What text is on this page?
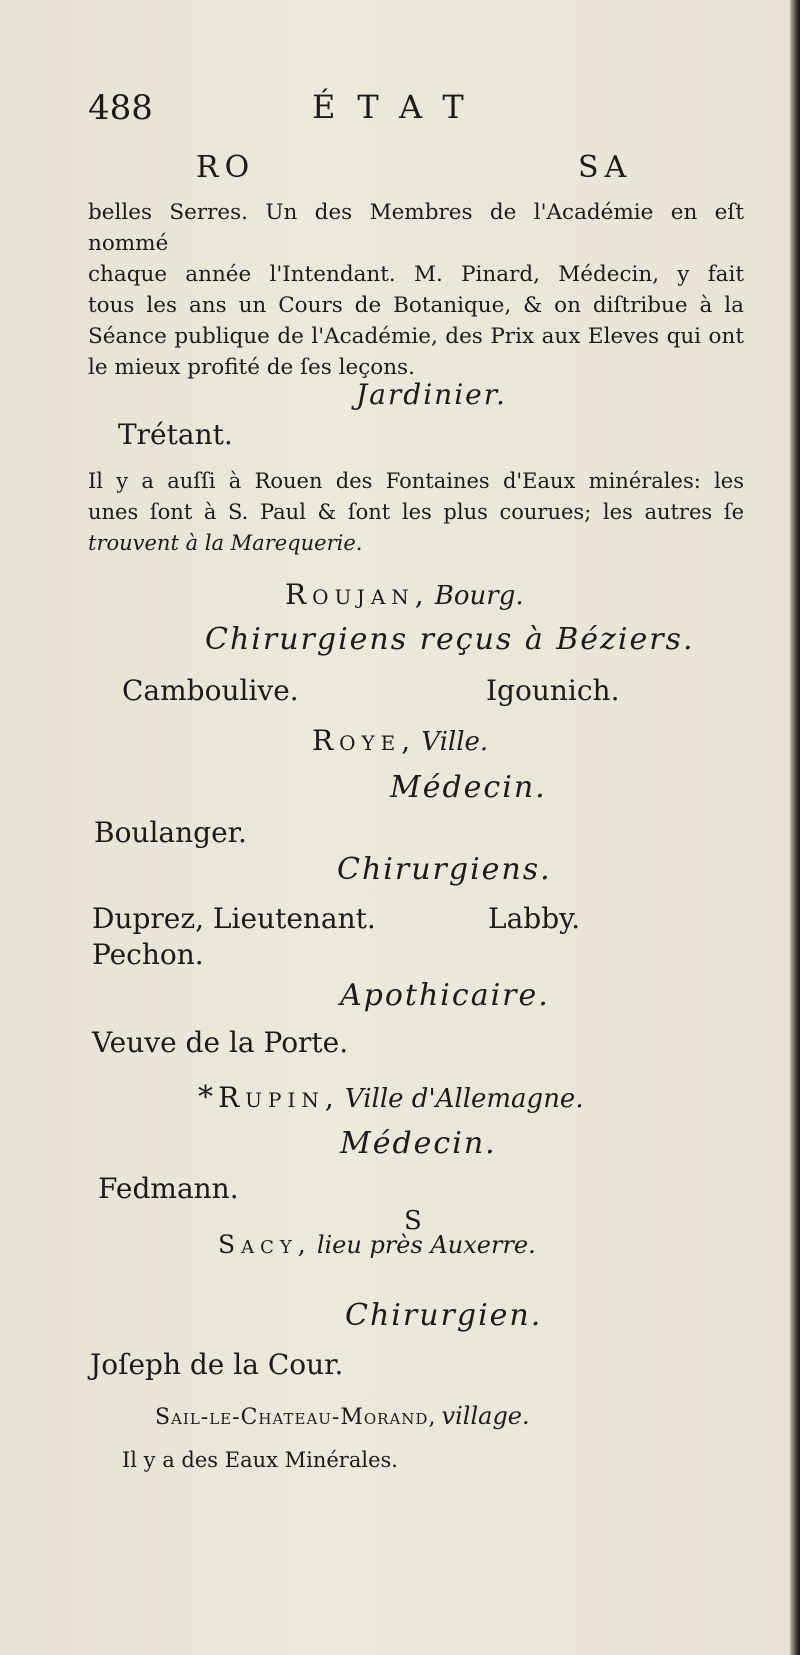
488	ÉTAT
RO	SA
belles Serres. Un des Membres de l'Académie en eſt nommé
chaque année l'Intendant. M. Pinard, Médecin, y fait
tous les ans un Cours de Botanique, & on diſtribue à la
Séance publique de l'Académie, des Prix aux Eleves qui ont
le mieux profité de ſes leçons.
Jardinier.
Trétant.
Il y a auſſi à Rouen des Fontaines d'Eaux minérales: les
unes ſont à S. Paul & ſont les plus courues; les autres ſe
trouvent à la Marequerie.
Roujan, Bourg.
Chirurgiens reçus à Béziers.
Camboulive.	Igounich.
Roye, Ville.
Médecin.
Boulanger.
Chirurgiens.
Duprez, Lieutenant.	Labby.
Pechon.
Apothicaire.
Veuve de la Porte.
* Rupin, Ville d'Allemagne.
Médecin.
Fedmann.
S
Sacy, lieu près Auxerre.
Chirurgien.
Joſeph de la Cour.
Sail-le-Chateau-Morand, village.
Il y a des Eaux Minérales.
